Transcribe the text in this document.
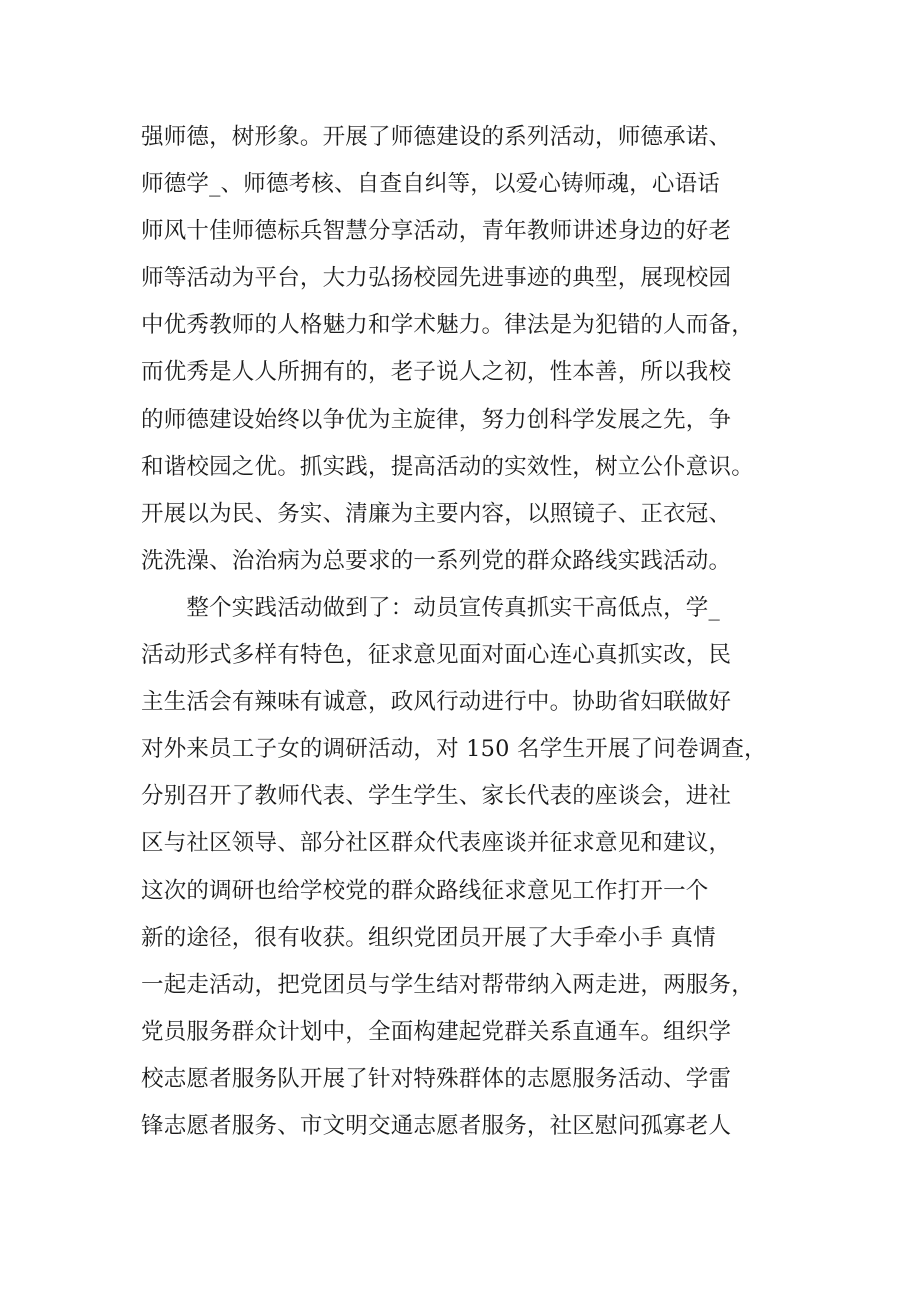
强师德，树形象。开展了师德建设的系列活动，师德承诺、
师德学_、师德考核、自查自纠等，以爱心铸师魂，心语话
师风十佳师德标兵智慧分享活动，青年教师讲述身边的好老
师等活动为平台，大力弘扬校园先进事迹的典型，展现校园
中优秀教师的人格魅力和学术魅力。律法是为犯错的人而备，
而优秀是人人所拥有的，老子说人之初，性本善，所以我校
的师德建设始终以争优为主旋律，努力创科学发展之先，争
和谐校园之优。抓实践，提高活动的实效性，树立公仆意识。
开展以为民、务实、清廉为主要内容，以照镜子、正衣冠、
洗洗澡、治治病为总要求的一系列党的群众路线实践活动。
　　整个实践活动做到了：动员宣传真抓实干高低点，学_
活动形式多样有特色，征求意见面对面心连心真抓实改，民
主生活会有辣味有诚意，政风行动进行中。协助省妇联做好
对外来员工子女的调研活动，对 150 名学生开展了问卷调查，
分别召开了教师代表、学生学生、家长代表的座谈会，进社
区与社区领导、部分社区群众代表座谈并征求意见和建议，
这次的调研也给学校党的群众路线征求意见工作打开一个
新的途径，很有收获。组织党团员开展了大手牵小手 真情
一起走活动，把党团员与学生结对帮带纳入两走进，两服务，
党员服务群众计划中，全面构建起党群关系直通车。组织学
校志愿者服务队开展了针对特殊群体的志愿服务活动、学雷
锋志愿者服务、市文明交通志愿者服务，社区慰问孤寡老人
